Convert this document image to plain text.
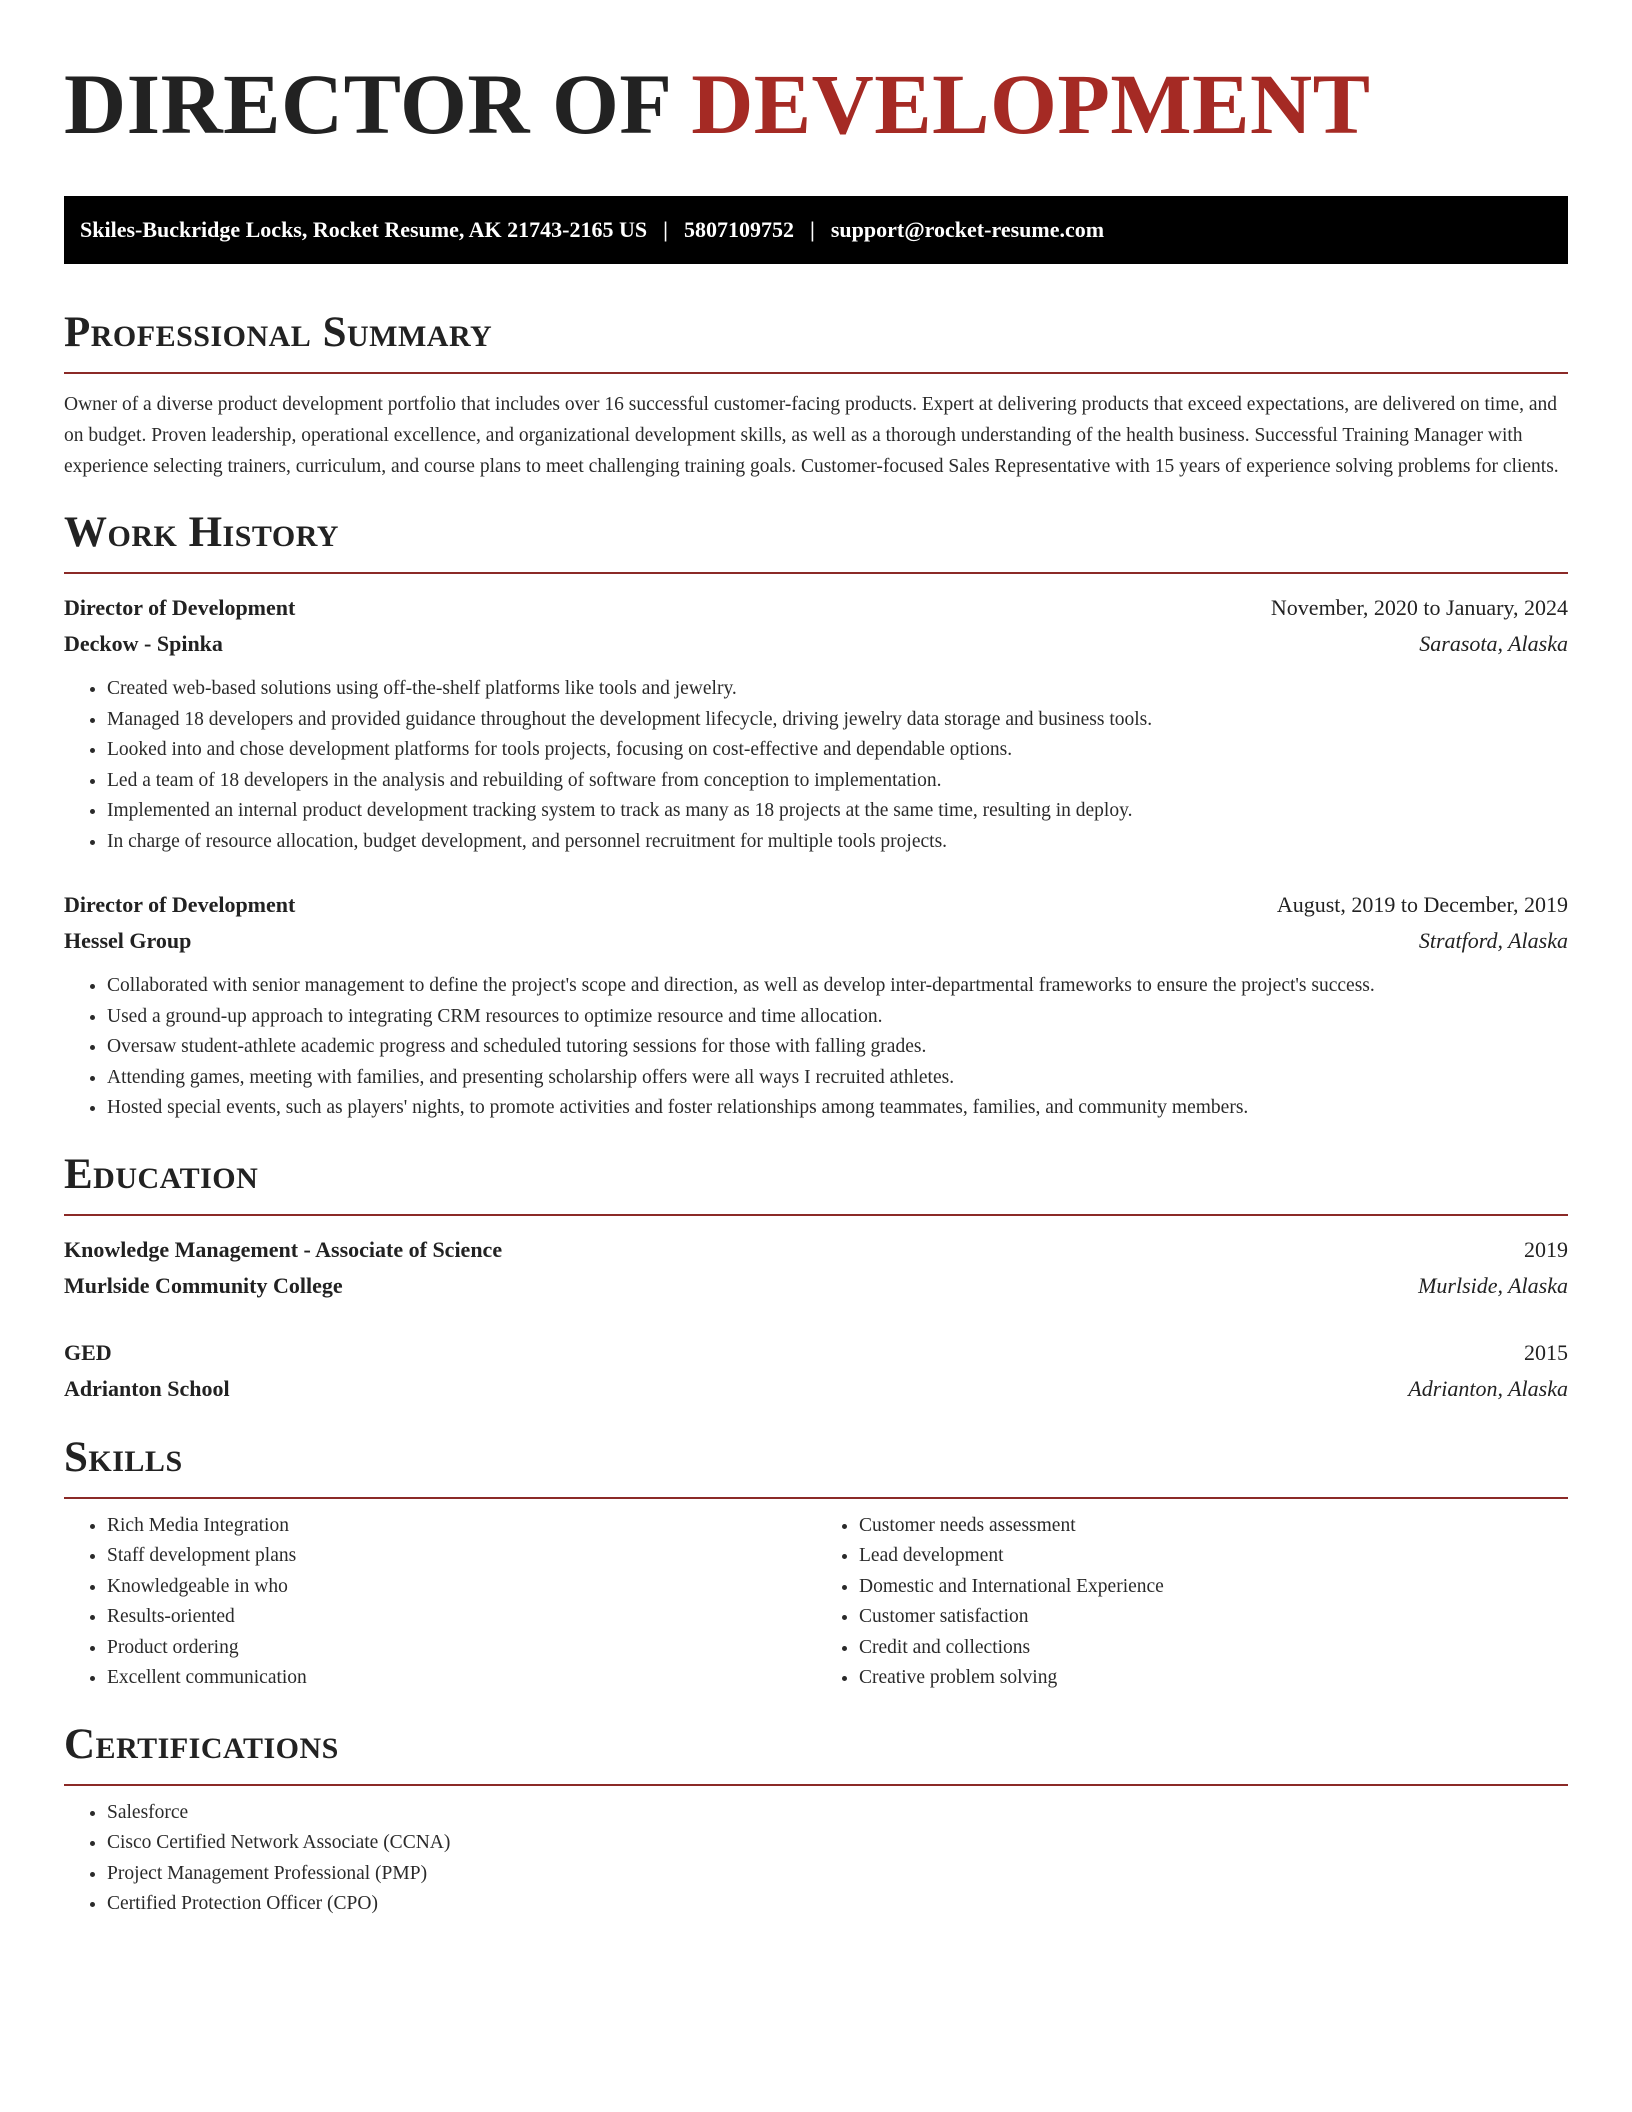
DIRECTOR OF DEVELOPMENT
Skiles-Buckridge Locks, Rocket Resume, AK 21743-2165 US | 5807109752 | support@rocket-resume.com
Professional Summary

Owner of a diverse product development portfolio that includes over 16 successful customer-facing products. Expert at delivering products that exceed expectations, are delivered on time, and on budget. Proven leadership, operational excellence, and organizational development skills, as well as a thorough understanding of the health business. Successful Training Manager with experience selecting trainers, curriculum, and course plans to meet challenging training goals. Customer-focused Sales Representative with 15 years of experience solving problems for clients.

Work History
Director of Development	November, 2020 to January, 2024
Deckow - Spinka	Sarasota, Alaska
• Created web-based solutions using off-the-shelf platforms like tools and jewelry.
• Managed 18 developers and provided guidance throughout the development lifecycle, driving jewelry data storage and business tools.
• Looked into and chose development platforms for tools projects, focusing on cost-effective and dependable options.
• Led a team of 18 developers in the analysis and rebuilding of software from conception to implementation.
• Implemented an internal product development tracking system to track as many as 18 projects at the same time, resulting in deploy.
• In charge of resource allocation, budget development, and personnel recruitment for multiple tools projects.
Director of Development	August, 2019 to December, 2019
Hessel Group	Stratford, Alaska
• Collaborated with senior management to define the project's scope and direction, as well as develop inter-departmental frameworks to ensure the project's success.
• Used a ground-up approach to integrating CRM resources to optimize resource and time allocation.
• Oversaw student-athlete academic progress and scheduled tutoring sessions for those with falling grades.
• Attending games, meeting with families, and presenting scholarship offers were all ways I recruited athletes.
• Hosted special events, such as players' nights, to promote activities and foster relationships among teammates, families, and community members.
Education
Knowledge Management - Associate of Science	2019
Murlside Community College	Murlside, Alaska
GED	2015
Adrianton School	Adrianton, Alaska
Skills
• Rich Media Integration
• Staff development plans
• Knowledgeable in who
• Results-oriented
• Product ordering
• Excellent communication
• Customer needs assessment
• Lead development
• Domestic and International Experience
• Customer satisfaction
• Credit and collections
• Creative problem solving
Certifications
• Salesforce
• Cisco Certified Network Associate (CCNA)
• Project Management Professional (PMP)
• Certified Protection Officer (CPO)
